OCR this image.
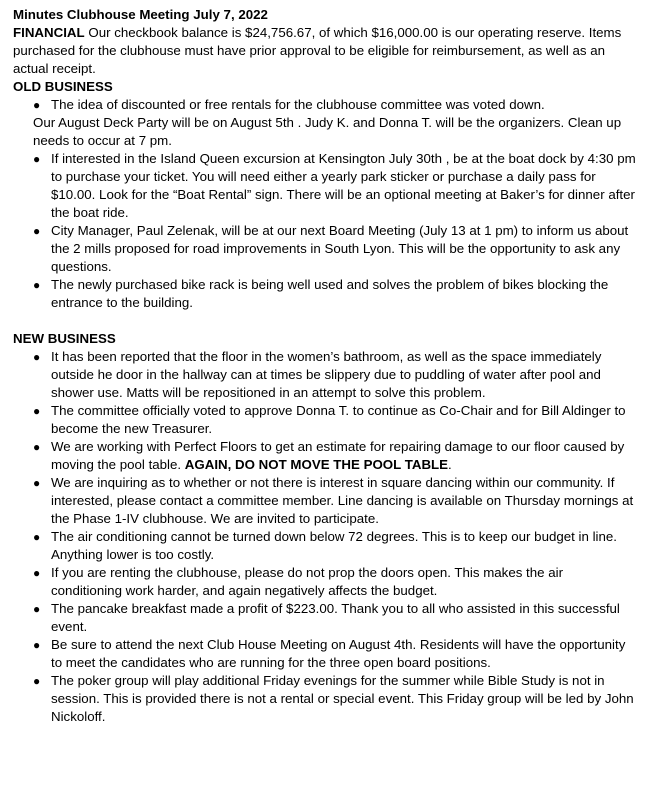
Minutes Clubhouse Meeting July 7, 2022

FINANCIAL Our checkbook balance is $24,756.67, of which $16,000.00 is our operating reserve. Items purchased for the clubhouse must have prior approval to be eligible for reimbursement, as well as an actual receipt.

OLD BUSINESS

● The idea of discounted or free rentals for the clubhouse committee was voted down.

Our August Deck Party will be on August 5th . Judy K. and Donna T. will be the organizers. Clean up needs to occur at 7 pm.

● If interested in the Island Queen excursion at Kensington July 30th , be at the boat dock by 4:30 pm to purchase your ticket. You will need either a yearly park sticker or purchase a daily pass for $10.00. Look for the “Boat Rental” sign. There will be an optional meeting at Baker’s for dinner after the boat ride.
● City Manager, Paul Zelenak, will be at our next Board Meeting (July 13 at 1 pm) to inform us about the 2 mills proposed for road improvements in South Lyon. This will be the opportunity to ask any questions.
● The newly purchased bike rack is being well used and solves the problem of bikes blocking the entrance to the building.

NEW BUSINESS

● It has been reported that the floor in the women’s bathroom, as well as the space immediately outside he door in the hallway can at times be slippery due to puddling of water after pool and shower use. Matts will be repositioned in an attempt to solve this problem.
● The committee officially voted to approve Donna T. to continue as Co-Chair and for Bill Aldinger to become the new Treasurer.
● We are working with Perfect Floors to get an estimate for repairing damage to our floor caused by moving the pool table. AGAIN, DO NOT MOVE THE POOL TABLE.
● We are inquiring as to whether or not there is interest in square dancing within our community. If interested, please contact a committee member. Line dancing is available on Thursday mornings at the Phase 1-IV clubhouse. We are invited to participate.
● The air conditioning cannot be turned down below 72 degrees. This is to keep our budget in line. Anything lower is too costly.
● If you are renting the clubhouse, please do not prop the doors open. This makes the air conditioning work harder, and again negatively affects the budget.
● The pancake breakfast made a profit of $223.00. Thank you to all who assisted in this successful event.
● Be sure to attend the next Club House Meeting on August 4th. Residents will have the opportunity to meet the candidates who are running for the three open board positions.
● The poker group will play additional Friday evenings for the summer while Bible Study is not in session. This is provided there is not a rental or special event. This Friday group will be led by John Nickoloff.
